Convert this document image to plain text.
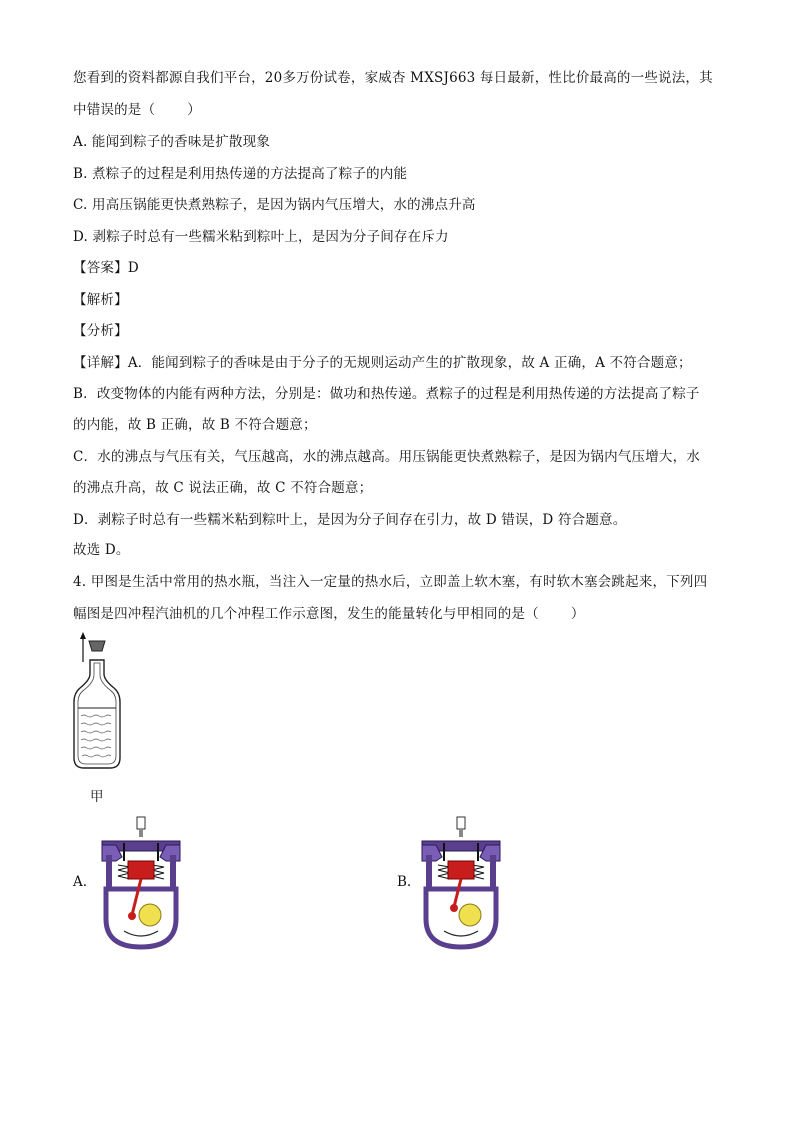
您看到的资料都源自我们平台，20多万份试卷，家威杏 MXSJ663 每日最新，性比价最高的一些说法，其
中错误的是（ ）
A. 能闻到粽子的香味是扩散现象
B. 煮粽子的过程是利用热传递的方法提高了粽子的内能
C. 用高压锅能更快煮熟粽子，是因为锅内气压增大，水的沸点升高
D. 剥粽子时总有一些糯米粘到粽叶上，是因为分子间存在斥力
【答案】D
【解析】
【分析】
【详解】A．能闻到粽子的香味是由于分子的无规则运动产生的扩散现象，故 A 正确，A 不符合题意；
B．改变物体的内能有两种方法，分别是：做功和热传递。煮粽子的过程是利用热传递的方法提高了粽子
的内能，故 B 正确，故 B 不符合题意；
C．水的沸点与气压有关，气压越高，水的沸点越高。用压锅能更快煮熟粽子，是因为锅内气压增大，水
的沸点升高，故 C 说法正确，故 C 不符合题意；
D．剥粽子时总有一些糯米粘到粽叶上，是因为分子间存在引力，故 D 错误，D 符合题意。
故选 D。
4. 甲图是生活中常用的热水瓶，当注入一定量的热水后，立即盖上软木塞，有时软木塞会跳起来，下列四
幅图是四冲程汽油机的几个冲程工作示意图，发生的能量转化与甲相同的是（ ）
甲
A.	B.
